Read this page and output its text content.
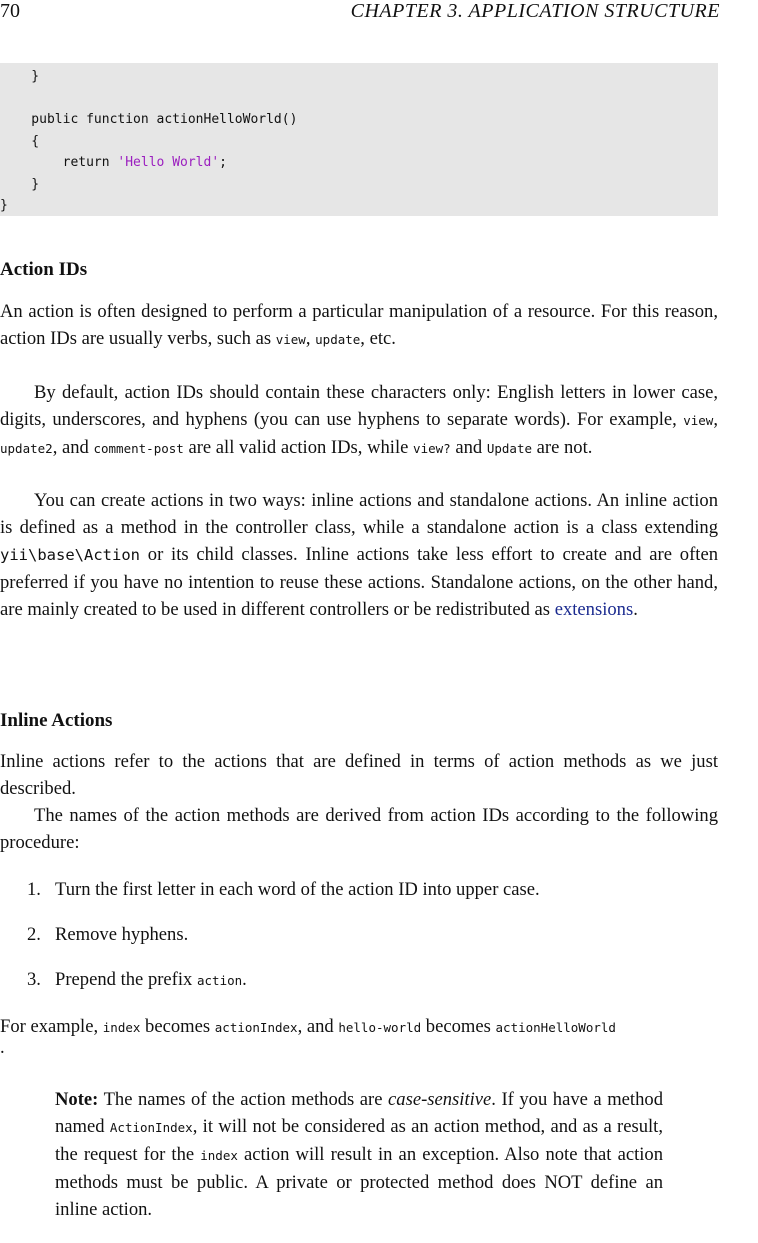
70	CHAPTER 3. APPLICATION STRUCTURE
}
public function actionHelloWorld()
{
return 'Hello World';
}
}
Action IDs

An action is often designed to perform a particular manipulation of a resource. For this reason, action IDs are usually verbs, such as view, update, etc.

By default, action IDs should contain these characters only: English letters in lower case, digits, underscores, and hyphens (you can use hyphens to separate words). For example, view, update2, and comment-post are all valid action IDs, while view? and Update are not.

You can create actions in two ways: inline actions and standalone actions. An inline action is defined as a method in the controller class, while a standalone action is a class extending yii\base\Action or its child classes. Inline actions take less effort to create and are often preferred if you have no intention to reuse these actions. Standalone actions, on the other hand, are mainly created to be used in different controllers or be redistributed as extensions.

Inline Actions

Inline actions refer to the actions that are defined in terms of action methods as we just described.

The names of the action methods are derived from action IDs according to the following procedure:

1. Turn the first letter in each word of the action ID into upper case.
2. Remove hyphens.
3. Prepend the prefix action.
For example, index becomes actionIndex, and hello-world becomes actionHelloWorld
.

Note: The names of the action methods are case-sensitive. If you have a method named ActionIndex, it will not be considered as an action method, and as a result, the request for the index action will result in an exception. Also note that action methods must be public. A private or protected method does NOT define an inline action.
